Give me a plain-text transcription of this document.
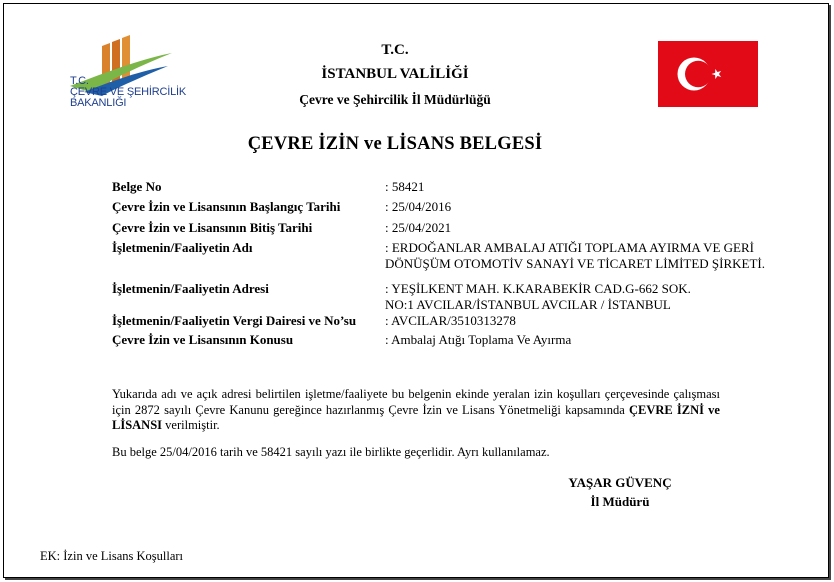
T.C.
ÇEVRE VE ŞEHİRCİLİK
BAKANLIĞI
T.C.
İSTANBUL VALİLİĞİ
Çevre ve Şehircilik İl Müdürlüğü
ÇEVRE İZİN ve LİSANS BELGESİ
Belge No	: 58421
Çevre İzin ve Lisansının Başlangıç Tarihi	: 25/04/2016
Çevre İzin ve Lisansının Bitiş Tarihi	: 25/04/2021
İşletmenin/Faaliyetin Adı	: ERDOĞANLAR AMBALAJ ATIĞI TOPLAMA AYIRMA VE GERİ
DÖNÜŞÜM OTOMOTİV SANAYİ VE TİCARET LİMİTED ŞİRKETİ.
İşletmenin/Faaliyetin Adresi	: YEŞİLKENT MAH. K.KARABEKİR CAD.G-662 SOK.
NO:1 AVCILAR/İSTANBUL AVCILAR / İSTANBUL
İşletmenin/Faaliyetin Vergi Dairesi ve No’su : AVCILAR/3510313278
Çevre İzin ve Lisansının Konusu	: Ambalaj Atığı Toplama Ve Ayırma
Yukarıda adı ve açık adresi belirtilen işletme/faaliyete bu belgenin ekinde yeralan izin koşulları çerçevesinde çalışması için 2872 sayılı Çevre Kanunu gereğince hazırlanmış Çevre İzin ve Lisans Yönetmeliği kapsamında ÇEVRE İZNİ ve LİSANSI verilmiştir.
Bu belge 25/04/2016 tarih ve 58421 sayılı yazı ile birlikte geçerlidir. Ayrı kullanılamaz.
YAŞAR GÜVENÇ
İl Müdürü
EK: İzin ve Lisans Koşulları
